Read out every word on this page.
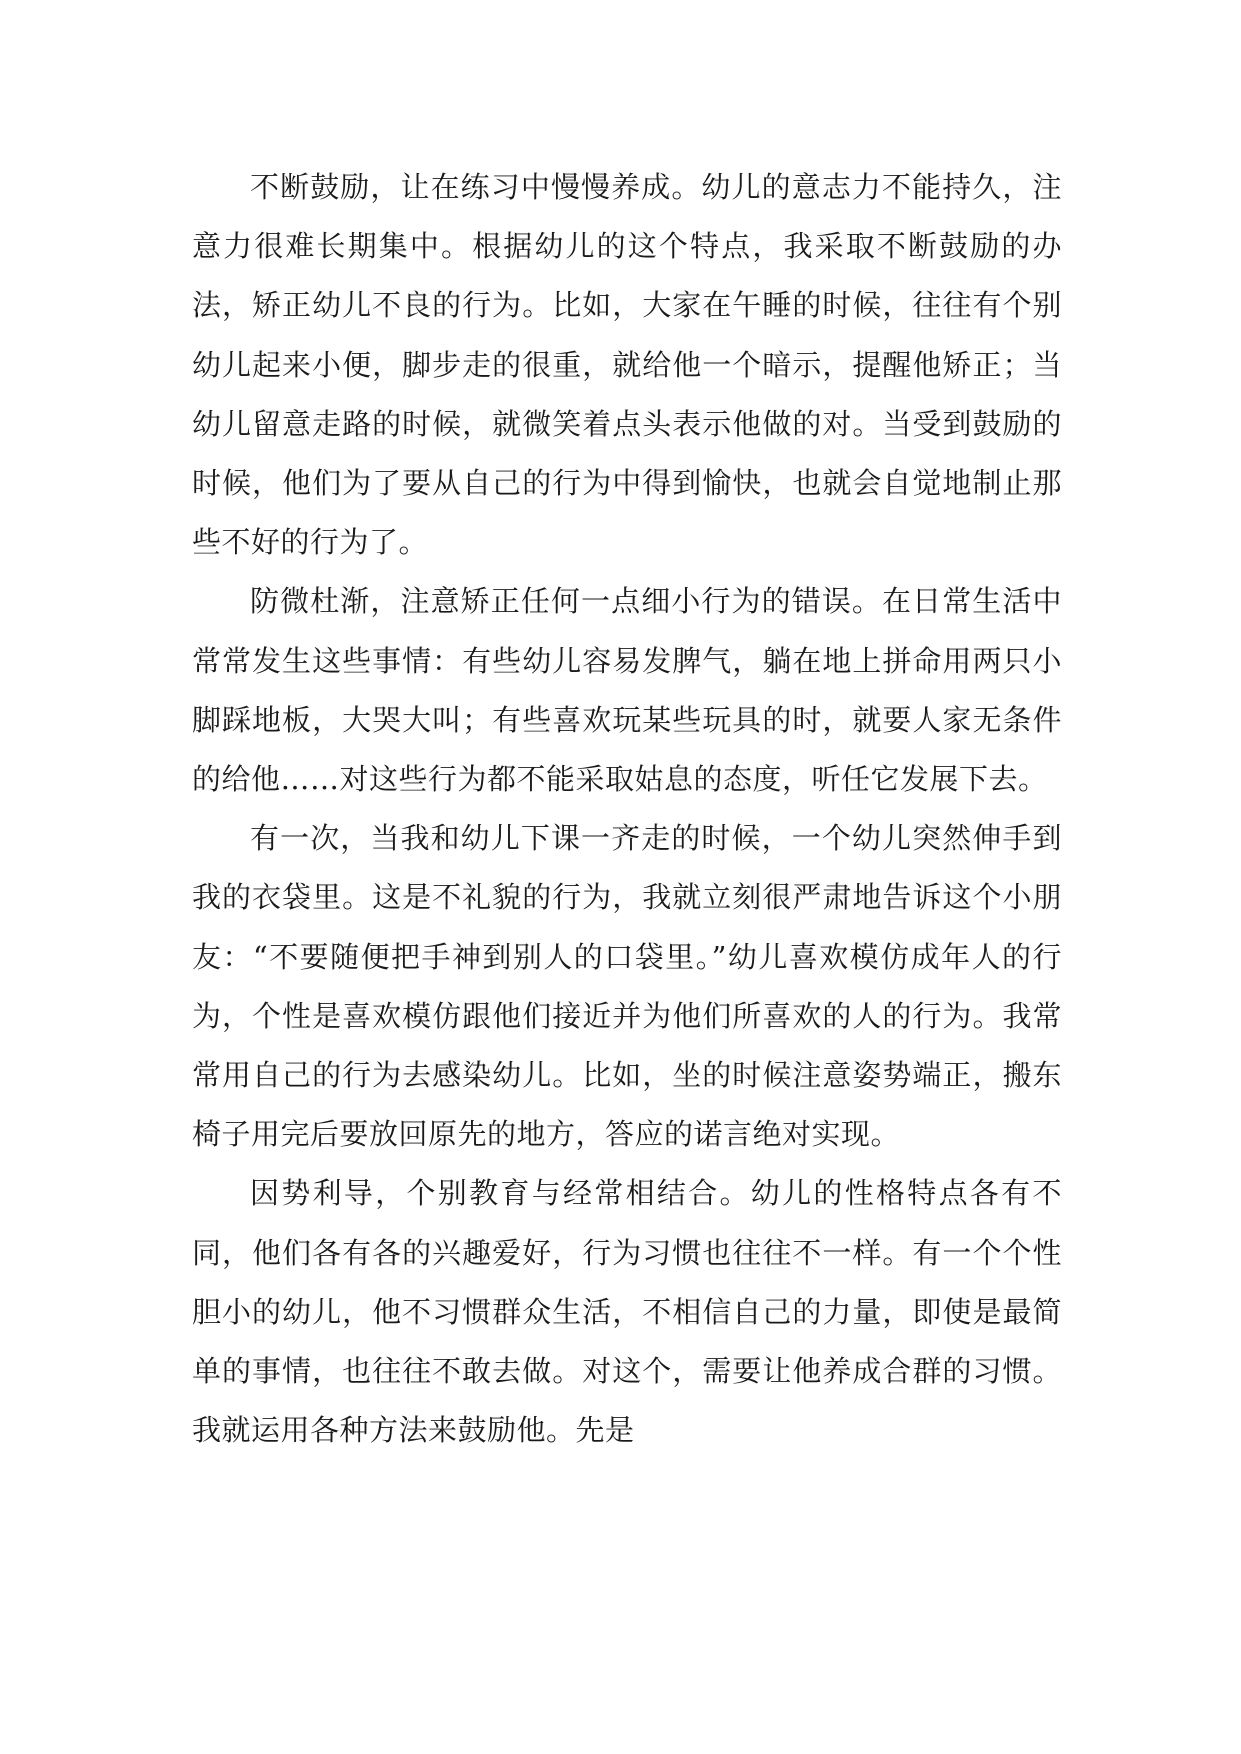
不断鼓励，让在练习中慢慢养成。幼儿的意志力不能持久，注意力很难长期集中。根据幼儿的这个特点，我采取不断鼓励的办法，矫正幼儿不良的行为。比如，大家在午睡的时候，往往有个别幼儿起来小便，脚步走的很重，就给他一个暗示，提醒他矫正；当幼儿留意走路的时候，就微笑着点头表示他做的对。当受到鼓励的时候，他们为了要从自己的行为中得到愉快，也就会自觉地制止那些不好的行为了。

防微杜渐，注意矫正任何一点细小行为的错误。在日常生活中常常发生这些事情：有些幼儿容易发脾气，躺在地上拼命用两只小脚踩地板，大哭大叫；有些喜欢玩某些玩具的时，就要人家无条件的给他……对这些行为都不能采取姑息的态度，听任它发展下去。

有一次，当我和幼儿下课一齐走的时候，一个幼儿突然伸手到我的衣袋里。这是不礼貌的行为，我就立刻很严肃地告诉这个小朋友：“不要随便把手神到别人的口袋里。”幼儿喜欢模仿成年人的行为，个性是喜欢模仿跟他们接近并为他们所喜欢的人的行为。我常常用自己的行为去感染幼儿。比如，坐的时候注意姿势端正，搬东椅子用完后要放回原先的地方，答应的诺言绝对实现。

因势利导，个别教育与经常相结合。幼儿的性格特点各有不同，他们各有各的兴趣爱好，行为习惯也往往不一样。有一个个性胆小的幼儿，他不习惯群众生活，不相信自己的力量，即使是最简单的事情，也往往不敢去做。对这个，需要让他养成合群的习惯。我就运用各种方法来鼓励他。先是
